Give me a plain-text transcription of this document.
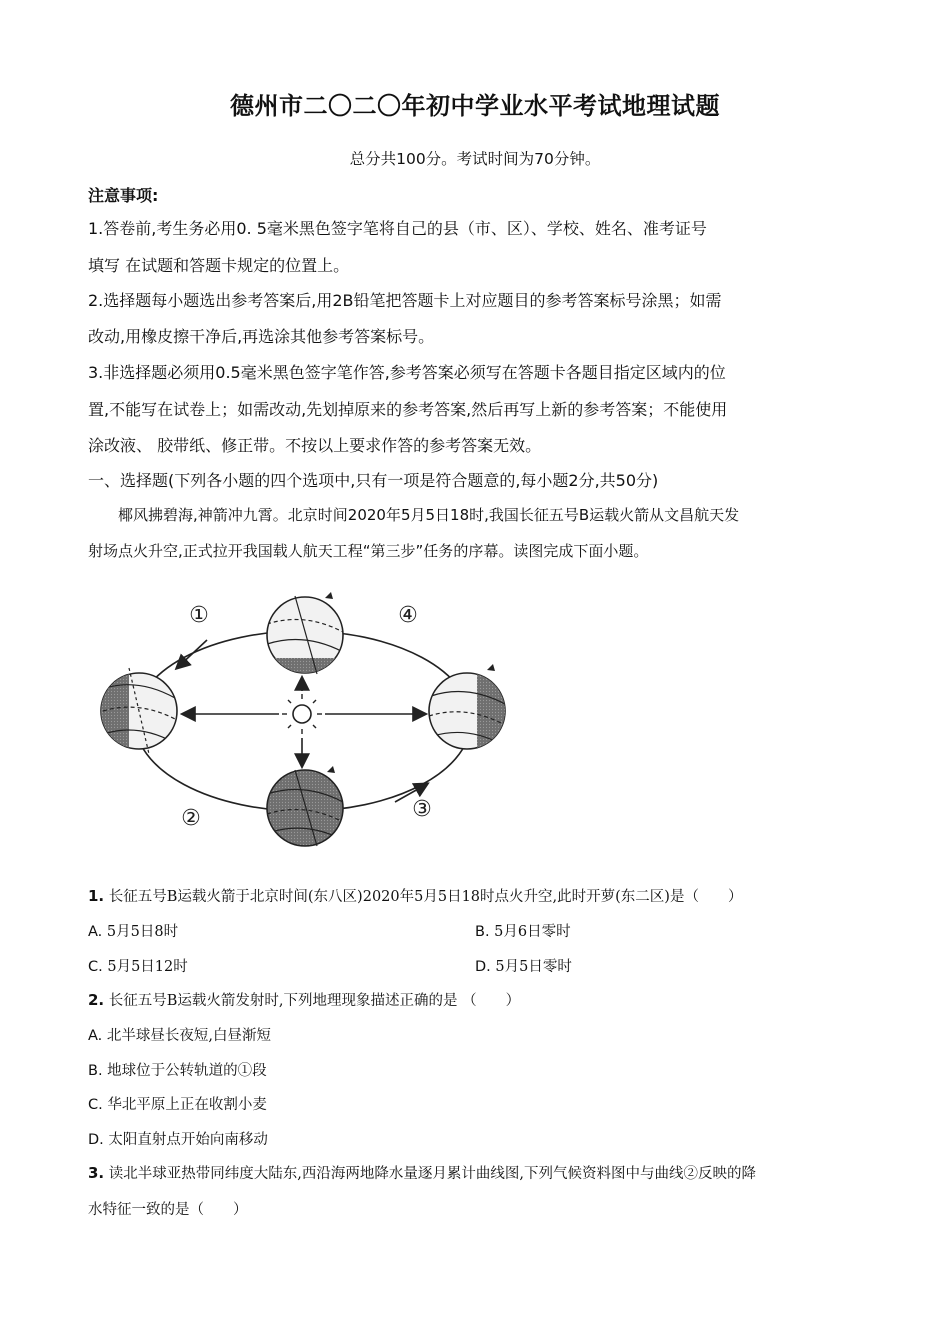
德州市二〇二〇年初中学业水平考试地理试题
总分共100分。考试时间为70分钟。
注意事项:
1.答卷前,考生务必用0. 5毫米黑色签字笔将自己的县（市、区）、学校、姓名、准考证号
填写 在试题和答题卡规定的位置上。
2.选择题每小题选出参考答案后,用2B铅笔把答题卡上对应题目的参考答案标号涂黑；如需
改动,用橡皮擦干净后,再选涂其他参考答案标号。
3.非选择题必须用0.5毫米黑色签字笔作答,参考答案必须写在答题卡各题目指定区域内的位
置,不能写在试卷上；如需改动,先划掉原来的参考答案,然后再写上新的参考答案；不能使用
涂改液、 胶带纸、修正带。不按以上要求作答的参考答案无效。
一、选择题(下列各小题的四个选项中,只有一项是符合题意的,每小题2分,共50分)
椰风拂碧海,神箭冲九霄。北京时间2020年5月5日18时,我国长征五号B运载火箭从文昌航天发
射场点火升空,正式拉开我国载人航天工程“第三步”任务的序幕。读图完成下面小题。
①
②	③
④
1. 长征五号B运载火箭于北京时间(东八区)2020年5月5日18时点火升空,此时开萝(东二区)是（　　）
A. 5月5日8时	B. 5月6日零时
C. 5月5日12时	D. 5月5日零时
2. 长征五号B运载火箭发射时,下列地理现象描述正确的是 （　　）
A. 北半球昼长夜短,白昼渐短
B. 地球位于公转轨道的①段
C. 华北平原上正在收割小麦
D. 太阳直射点开始向南移动
3. 读北半球亚热带同纬度大陆东,西沿海两地降水量逐月累计曲线图,下列气候资料图中与曲线②反映的降
水特征一致的是（　　）
